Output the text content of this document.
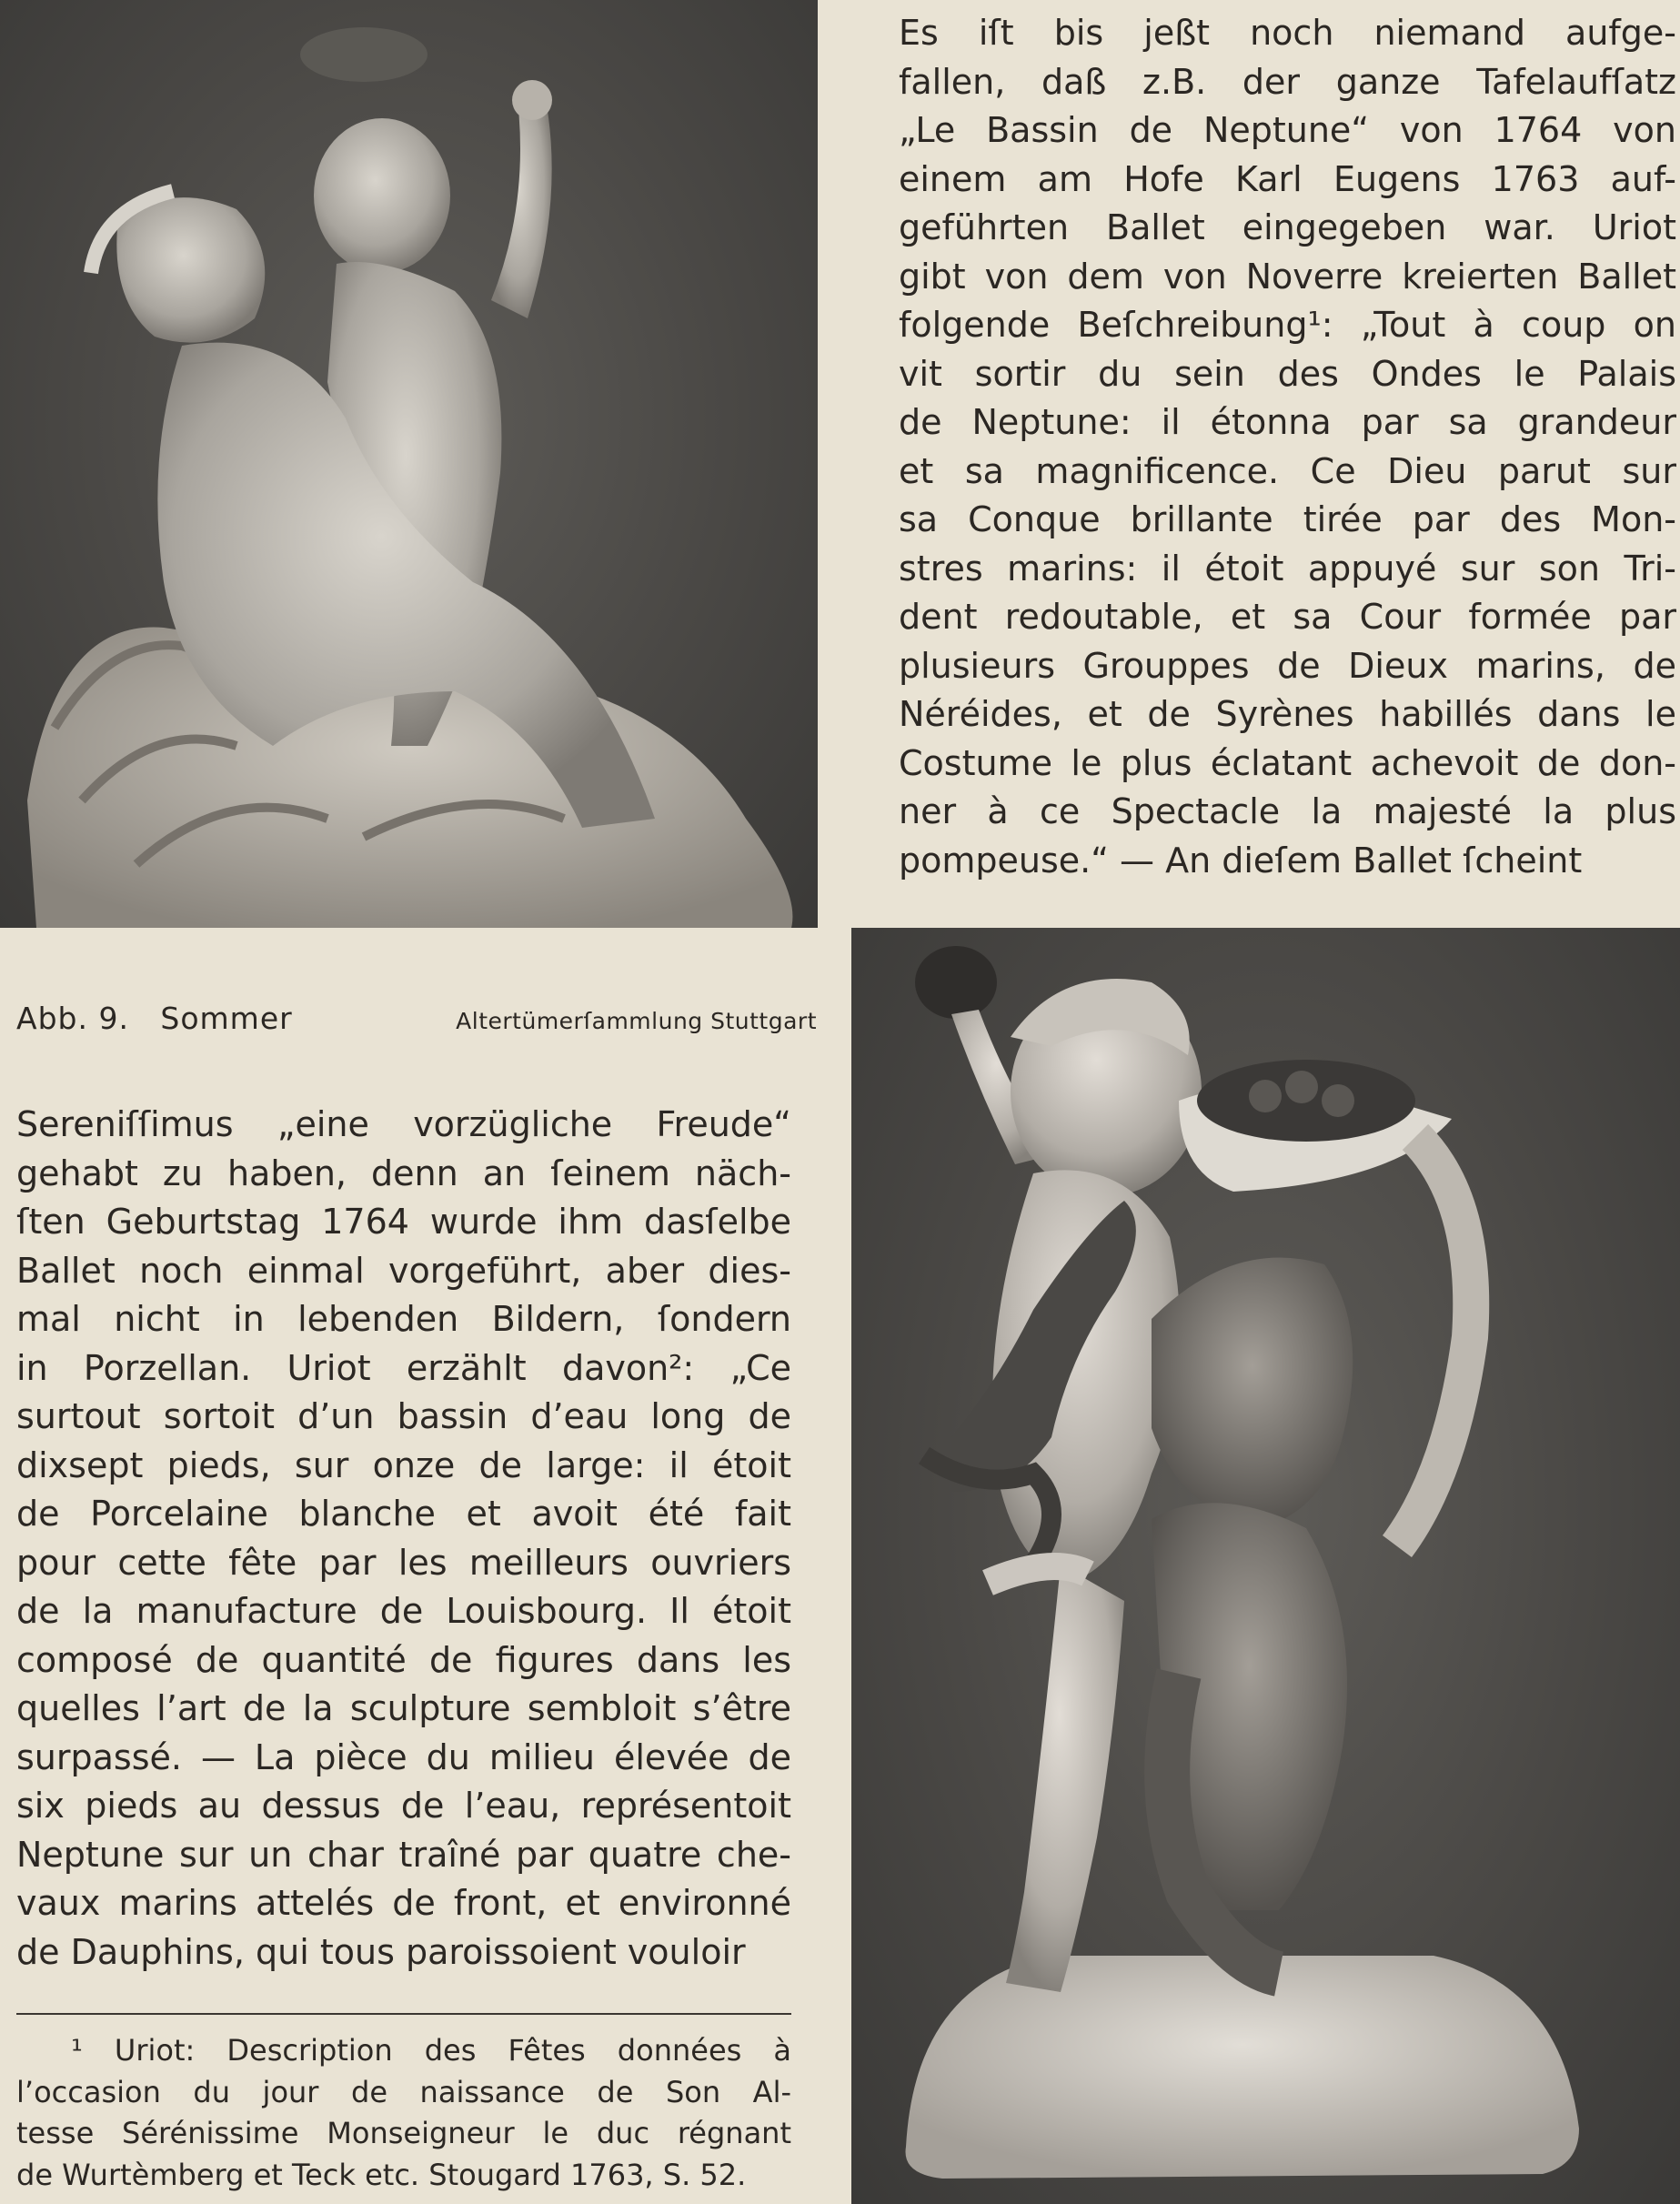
Abb. 9.   Sommer	Altertümerſammlung Stuttgart
Es iſt bis jeßt noch niemand aufge-
fallen, daß z.B. der ganze Tafelaufſatz
„Le Bassin de Neptune“ von 1764 von
einem am Hofe Karl Eugens 1763 auf-
geführten Ballet eingegeben war. Uriot
gibt von dem von Noverre kreierten Ballet
folgende Beſchreibung¹: „Tout à coup on
vit sortir du sein des Ondes le Palais
de Neptune: il étonna par sa grandeur
et sa magnificence. Ce Dieu parut sur
sa Conque brillante tirée par des Mon-
stres marins: il étoit appuyé sur son Tri-
dent redoutable, et sa Cour formée par
plusieurs Grouppes de Dieux marins, de
Néréides, et de Syrènes habillés dans le
Costume le plus éclatant achevoit de don-
ner à ce Spectacle la majesté la plus
pompeuse.“ — An dieſem Ballet ſcheint
Sereniſſimus „eine vorzügliche Freude“
gehabt zu haben, denn an ſeinem näch-
ſten Geburtstag 1764 wurde ihm dasſelbe
Ballet noch einmal vorgeführt, aber dies-
mal nicht in lebenden Bildern, ſondern
in Porzellan. Uriot erzählt davon²: „Ce
surtout sortoit d’un bassin d’eau long de
dixsept pieds, sur onze de large: il étoit
de Porcelaine blanche et avoit été fait
pour cette fête par les meilleurs ouvriers
de la manufacture de Louisbourg. Il étoit
composé de quantité de figures dans les
quelles l’art de la sculpture sembloit s’être
surpassé. — La pièce du milieu élevée de
six pieds au dessus de l’eau, représentoit
Neptune sur un char traîné par quatre che-
vaux marins attelés de front, et environné
de Dauphins, qui tous paroissoient vouloir
¹ Uriot: Description des Fêtes données à
l’occasion du jour de naissance de Son Al-
tesse Sérénissime Monseigneur le duc régnant
de Wurtèmberg et Teck etc. Stougard 1763, S. 52.
